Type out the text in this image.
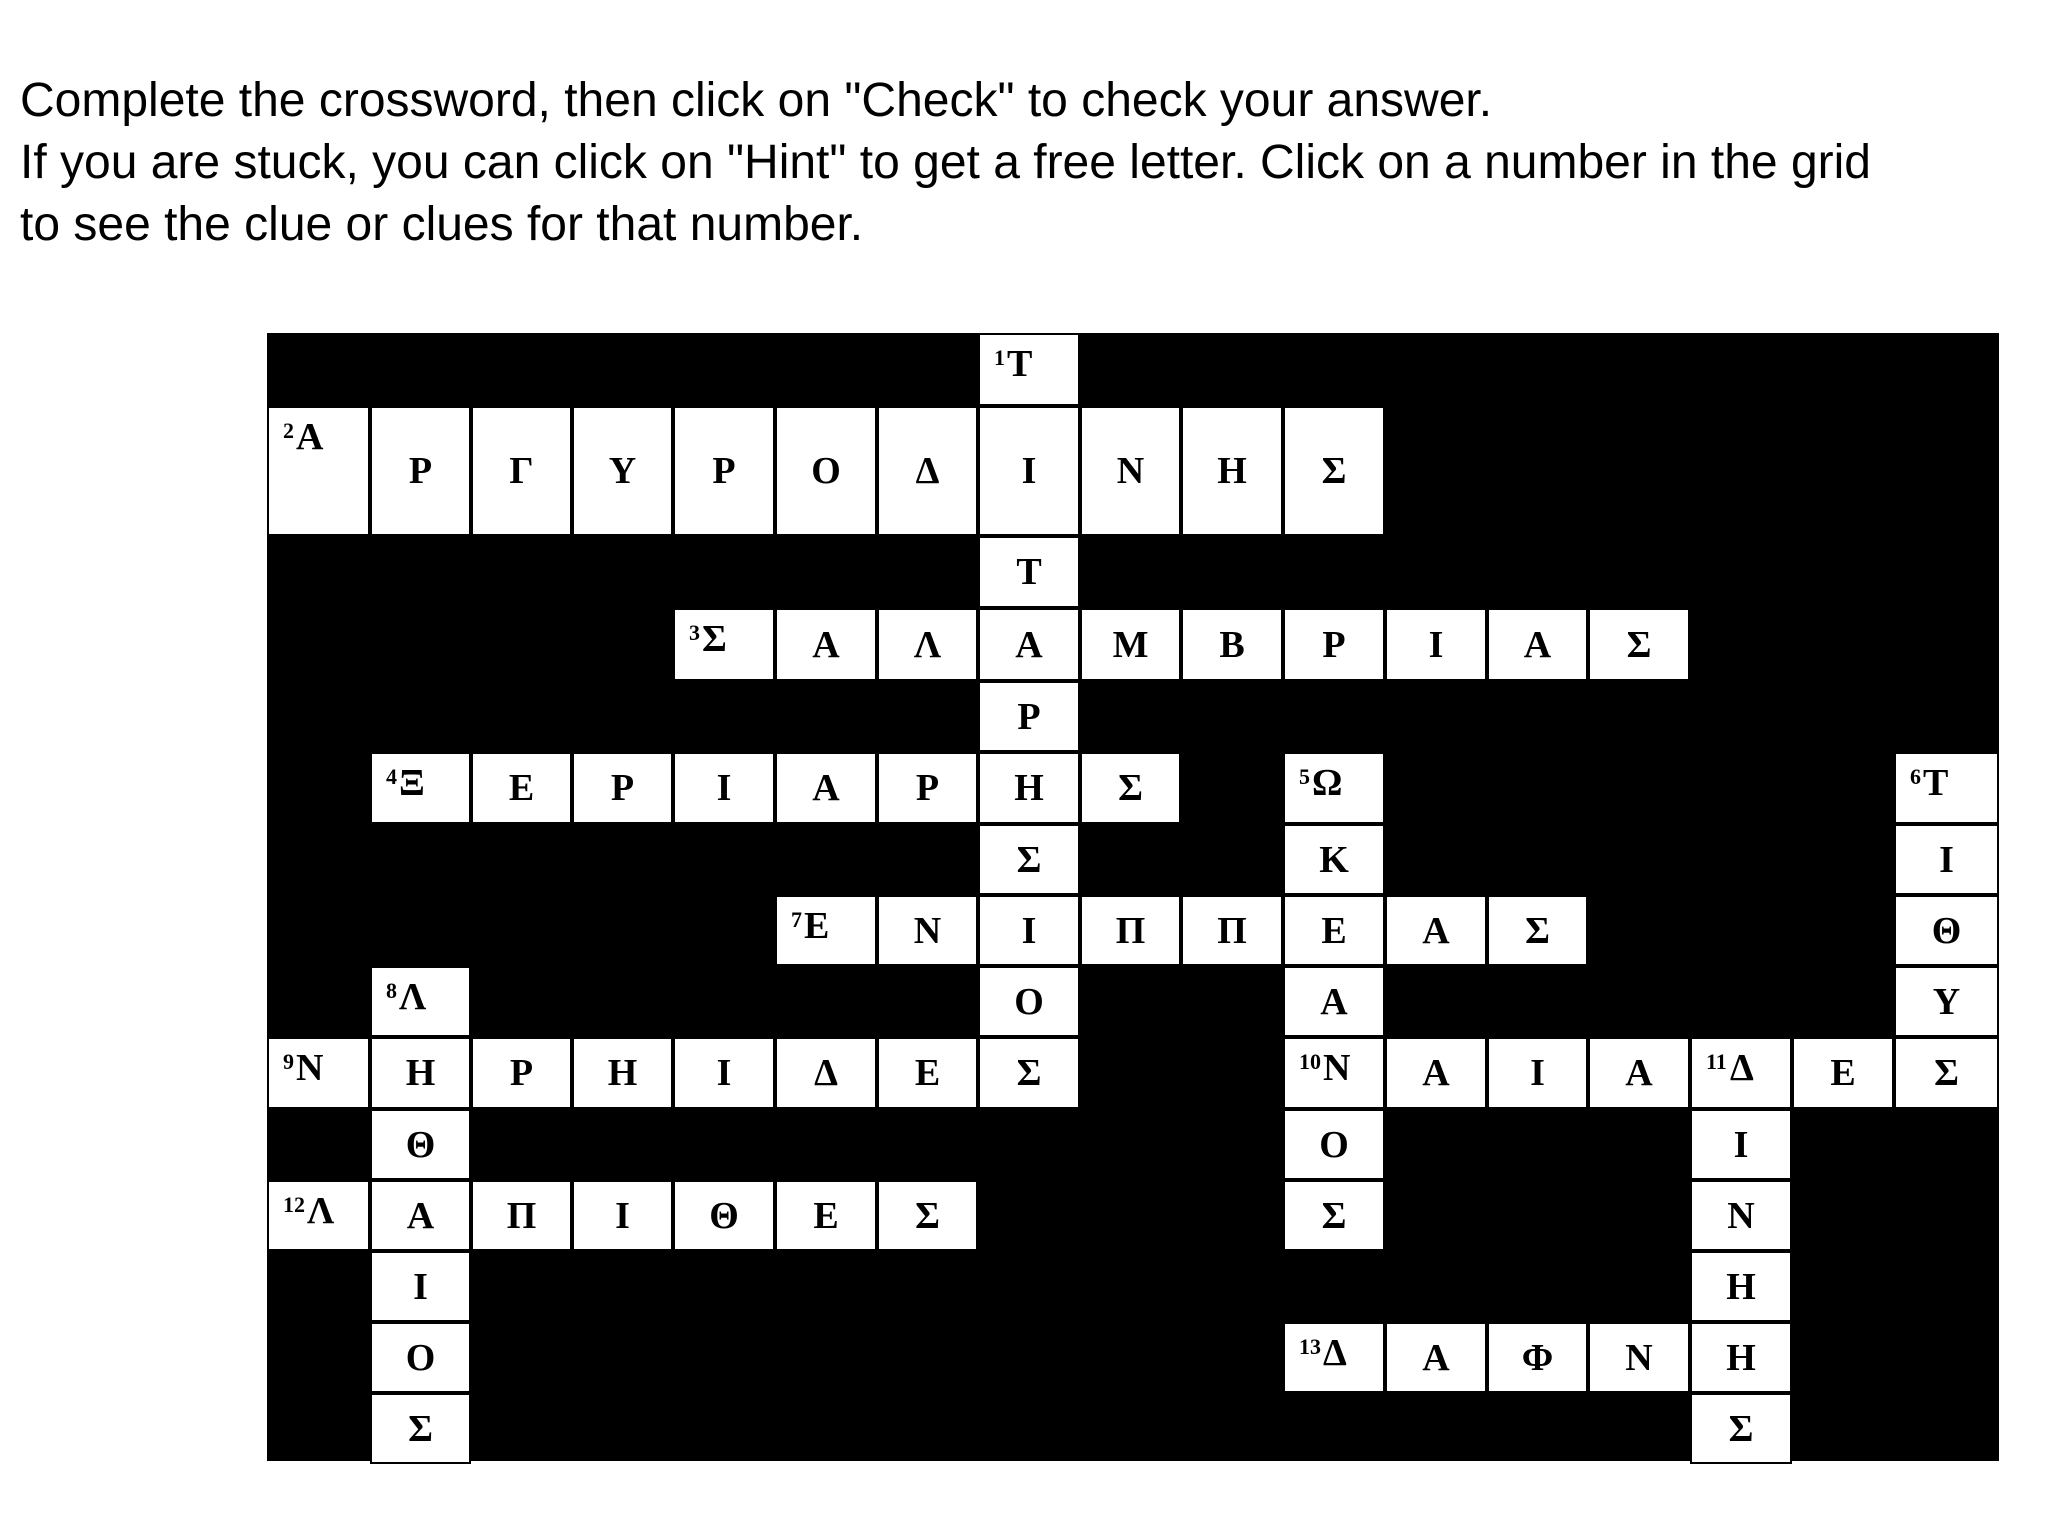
Complete the crossword, then click on "Check" to check your answer.
If you are stuck, you can click on "Hint" to get a free letter. Click on a number in the grid
to see the clue or clues for that number.
1 Τ
2 Α
Ρ	Γ	Υ	Ρ	Ο	Δ	Ι	Ν	Η	Σ
Τ
3 Σ	Α	Λ	Α	Μ	Β	Ρ	Ι	Α	Σ
Ρ
4 Ξ	Ε	Ρ	Ι	Α	Ρ	Η	Σ	5 Ω	6 Τ
Σ	Κ	Ι
7 Ε	Ν	Ι	Π	Π	Ε	Α	Σ	Θ
8 Λ	Ο	Α	Υ
9 Ν	Η	Ρ	Η	Ι	Δ	Ε	Σ	10 Ν	Α	Ι	Α	11 Δ	Ε	Σ
Θ	Ο	Ι
12 Λ	Α	Π	Ι	Θ	Ε	Σ	Σ	Ν
Ι	Η
Ο	13 Δ	Α	Φ	Ν	Η
Σ	Σ
